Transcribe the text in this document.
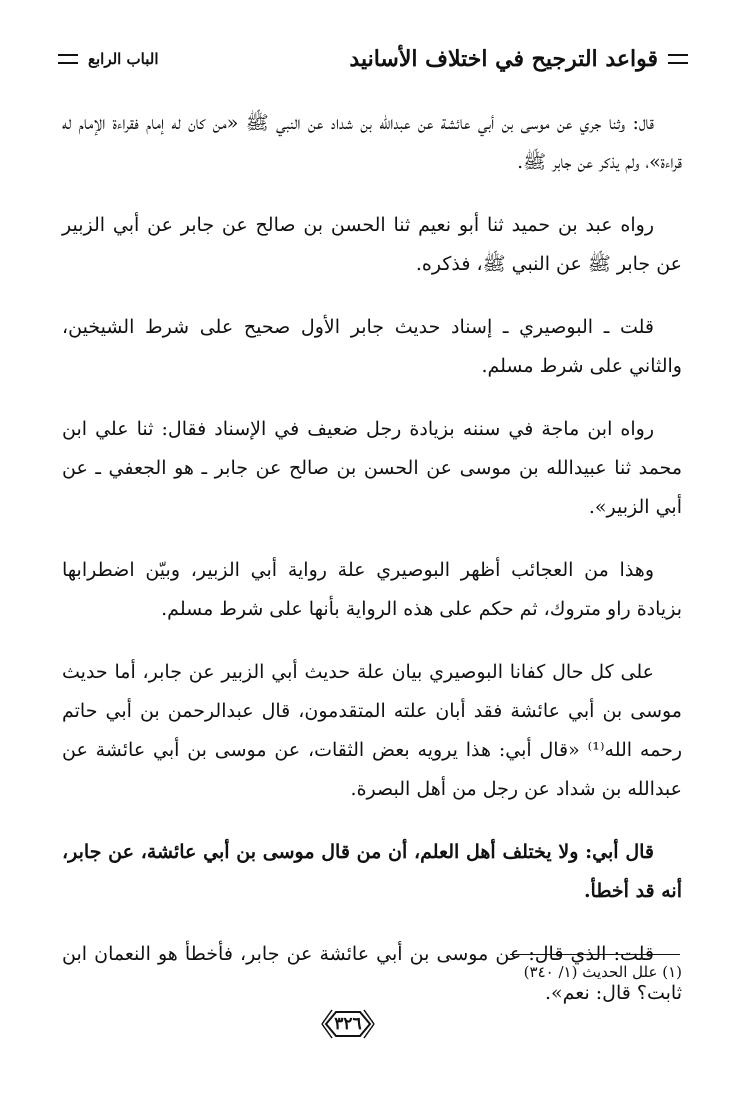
قواعد الترجيح في اختلاف الأسانيد
الباب الرابع

قال: وثنا جري عن موسى بن أبي عائشة عن عبدالله بن شداد عن النبي ﷺ «من كان له إمام فقراءة الإمام له قراءة»، ولم يذكر عن جابر ﷺ.

رواه عبد بن حميد ثنا أبو نعيم ثنا الحسن بن صالح عن جابر عن أبي الزبير عن جابر ﷺ عن النبي ﷺ، فذكره.

قلت ـ البوصيري ـ إسناد حديث جابر الأول صحيح على شرط الشيخين، والثاني على شرط مسلم.

رواه ابن ماجة في سننه بزيادة رجل ضعيف في الإسناد فقال: ثنا علي ابن محمد ثنا عبيدالله بن موسى عن الحسن بن صالح عن جابر ـ هو الجعفي ـ عن أبي الزبير».

وهذا من العجائب أظهر البوصيري علة رواية أبي الزبير، وبيّن اضطرابها بزيادة راو متروك، ثم حكم على هذه الرواية بأنها على شرط مسلم.

على كل حال كفانا البوصيري بيان علة حديث أبي الزبير عن جابر، أما حديث موسى بن أبي عائشة فقد أبان علته المتقدمون، قال عبدالرحمن بن أبي حاتم رحمه الله⁽¹⁾ «قال أبي: هذا يرويه بعض الثقات، عن موسى بن أبي عائشة عن عبدالله بن شداد عن رجل من أهل البصرة.

قال أبي: ولا يختلف أهل العلم، أن من قال موسى بن أبي عائشة، عن جابر، أنه قد أخطأ.

قلت: الذي قال: عن موسى بن أبي عائشة عن جابر، فأخطأ هو النعمان ابن ثابت؟ قال: نعم».

(١) علل الحديث (١/ ٣٤٠)
٣٢٦
